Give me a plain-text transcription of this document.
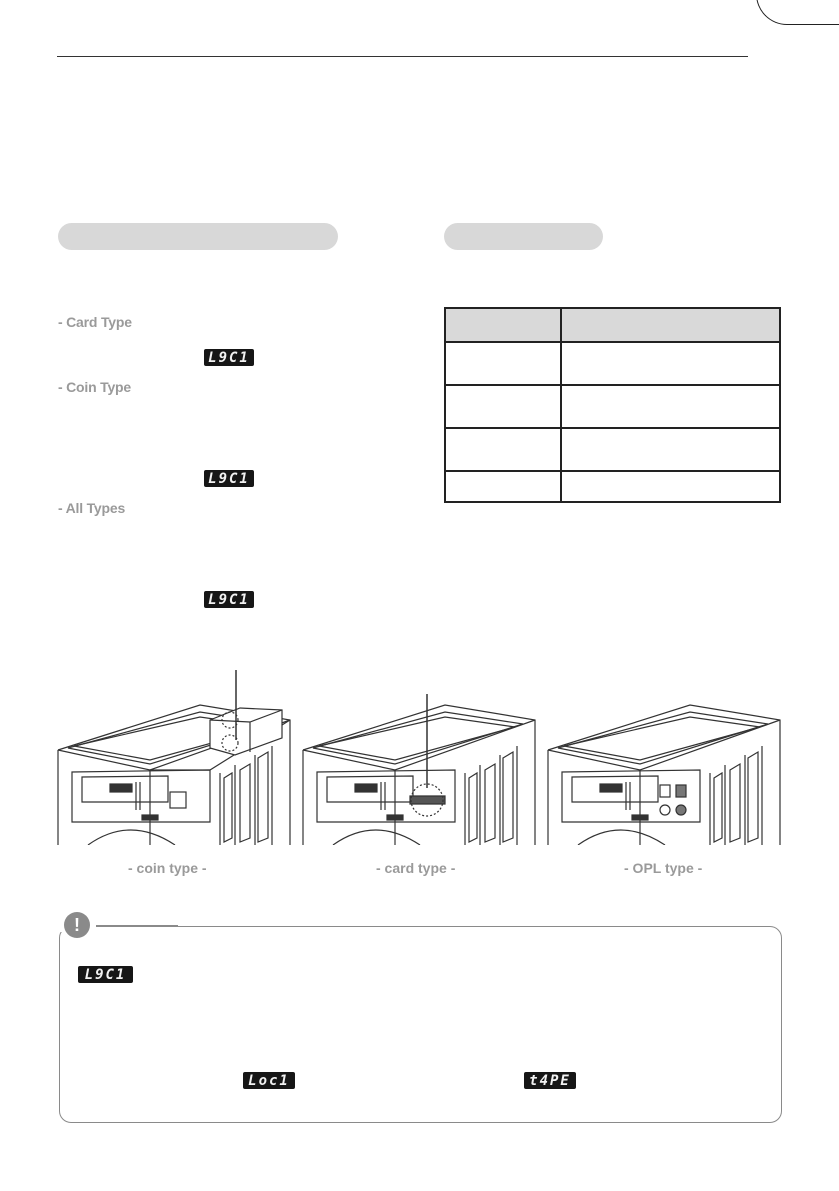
- Card Type
L9C1
- Coin Type
L9C1
- All Types
L9C1

- coin type -	- card type -	- OPL type -
!
L9C1
Loc1	t4PE
